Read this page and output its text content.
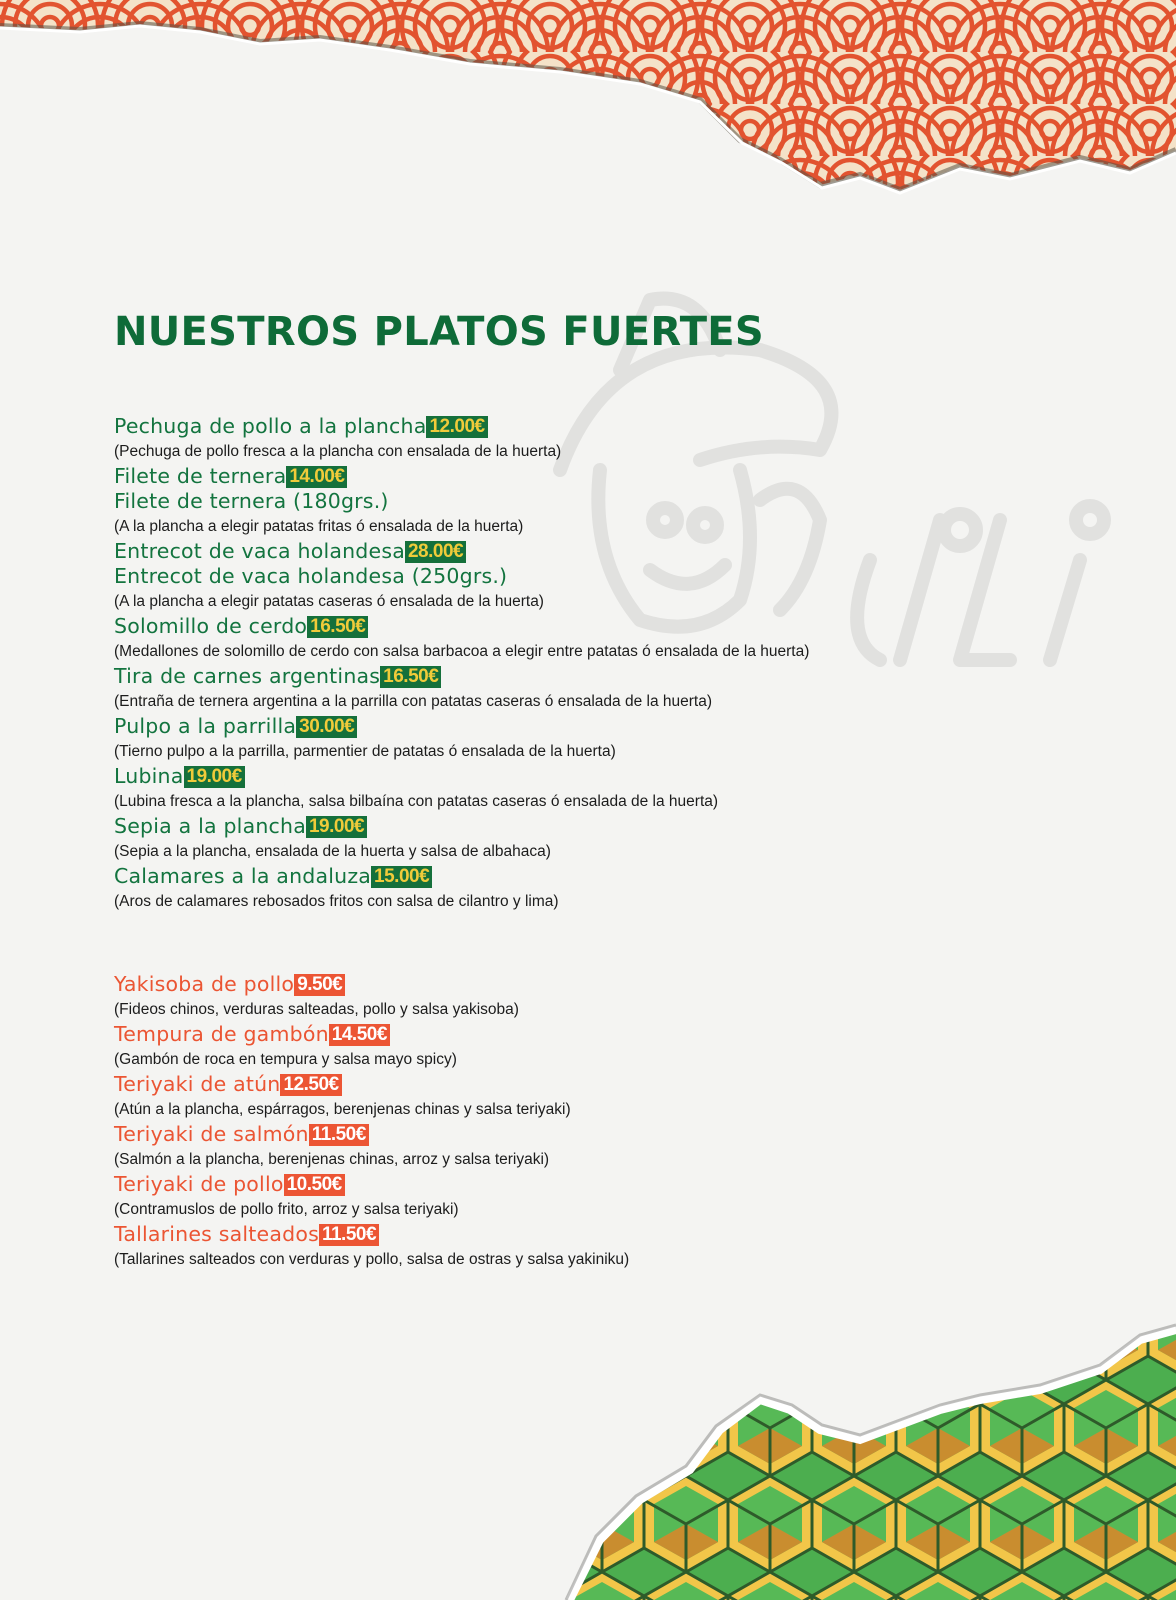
NUESTROS PLATOS FUERTES
Pechuga de pollo a la plancha 12.00€
(Pechuga de pollo fresca a la plancha con ensalada de la huerta)
Filete de ternera 14.00€
Filete de ternera (180grs.)
(A la plancha a elegir patatas fritas ó ensalada de la huerta)
Entrecot de vaca holandesa 28.00€
Entrecot de vaca holandesa (250grs.)
(A la plancha a elegir patatas caseras ó ensalada de la huerta)
Solomillo de cerdo 16.50€
(Medallones de solomillo de cerdo con salsa barbacoa a elegir entre patatas ó ensalada de la huerta)
Tira de carnes argentinas 16.50€
(Entraña de ternera argentina a la parrilla con patatas caseras ó ensalada de la huerta)
Pulpo a la parrilla 30.00€
(Tierno pulpo a la parrilla, parmentier de patatas ó ensalada de la huerta)
Lubina 19.00€
(Lubina fresca a la plancha, salsa bilbaína con patatas caseras ó ensalada de la huerta)
Sepia a la plancha 19.00€
(Sepia a la plancha, ensalada de la huerta y salsa de albahaca)
Calamares a la andaluza 15.00€
(Aros de calamares rebosados fritos con salsa de cilantro y lima)
Yakisoba de pollo 9.50€
(Fideos chinos, verduras salteadas, pollo y salsa yakisoba)
Tempura de gambón 14.50€
(Gambón de roca en tempura y salsa mayo spicy)
Teriyaki de atún 12.50€
(Atún a la plancha, espárragos, berenjenas chinas y salsa teriyaki)
Teriyaki de salmón 11.50€
(Salmón a la plancha, berenjenas chinas, arroz y salsa teriyaki)
Teriyaki de pollo 10.50€
(Contramuslos de pollo frito, arroz y salsa teriyaki)
Tallarines salteados 11.50€
(Tallarines salteados con verduras y pollo, salsa de ostras y salsa yakiniku)
